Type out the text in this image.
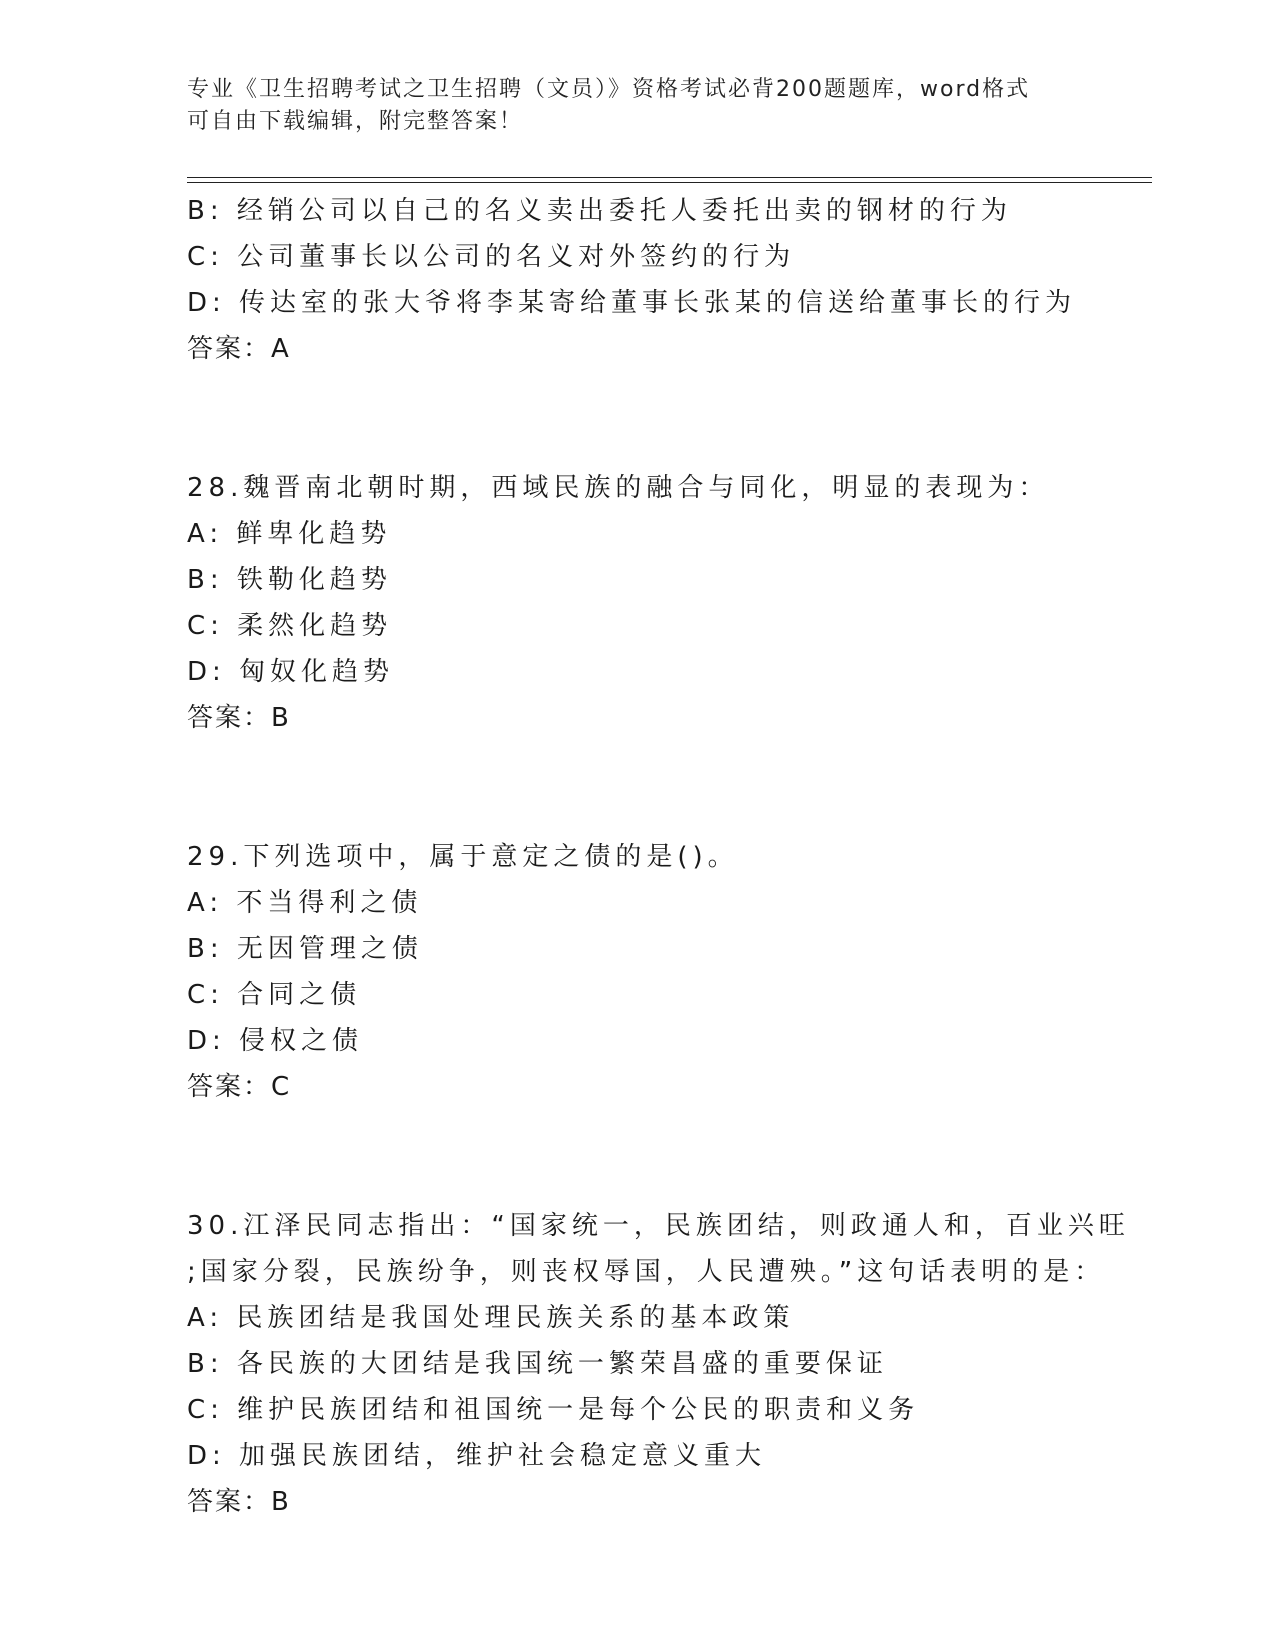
专业《卫生招聘考试之卫生招聘（文员）》资格考试必背200题题库，word格式
可自由下载编辑，附完整答案！
B: 经销公司以自己的名义卖出委托人委托出卖的钢材的行为
C: 公司董事长以公司的名义对外签约的行为
D: 传达室的张大爷将李某寄给董事长张某的信送给董事长的行为
答案：A
28.魏晋南北朝时期，西域民族的融合与同化，明显的表现为：
A: 鲜卑化趋势
B: 铁勒化趋势
C: 柔然化趋势
D: 匈奴化趋势
答案：B
29.下列选项中，属于意定之债的是()。
A: 不当得利之债
B: 无因管理之债
C: 合同之债
D: 侵权之债
答案：C
30.江泽民同志指出：“国家统一，民族团结，则政通人和，百业兴旺
;国家分裂，民族纷争，则丧权辱国，人民遭殃。”这句话表明的是：
A: 民族团结是我国处理民族关系的基本政策
B: 各民族的大团结是我国统一繁荣昌盛的重要保证
C: 维护民族团结和祖国统一是每个公民的职责和义务
D: 加强民族团结，维护社会稳定意义重大
答案：B
